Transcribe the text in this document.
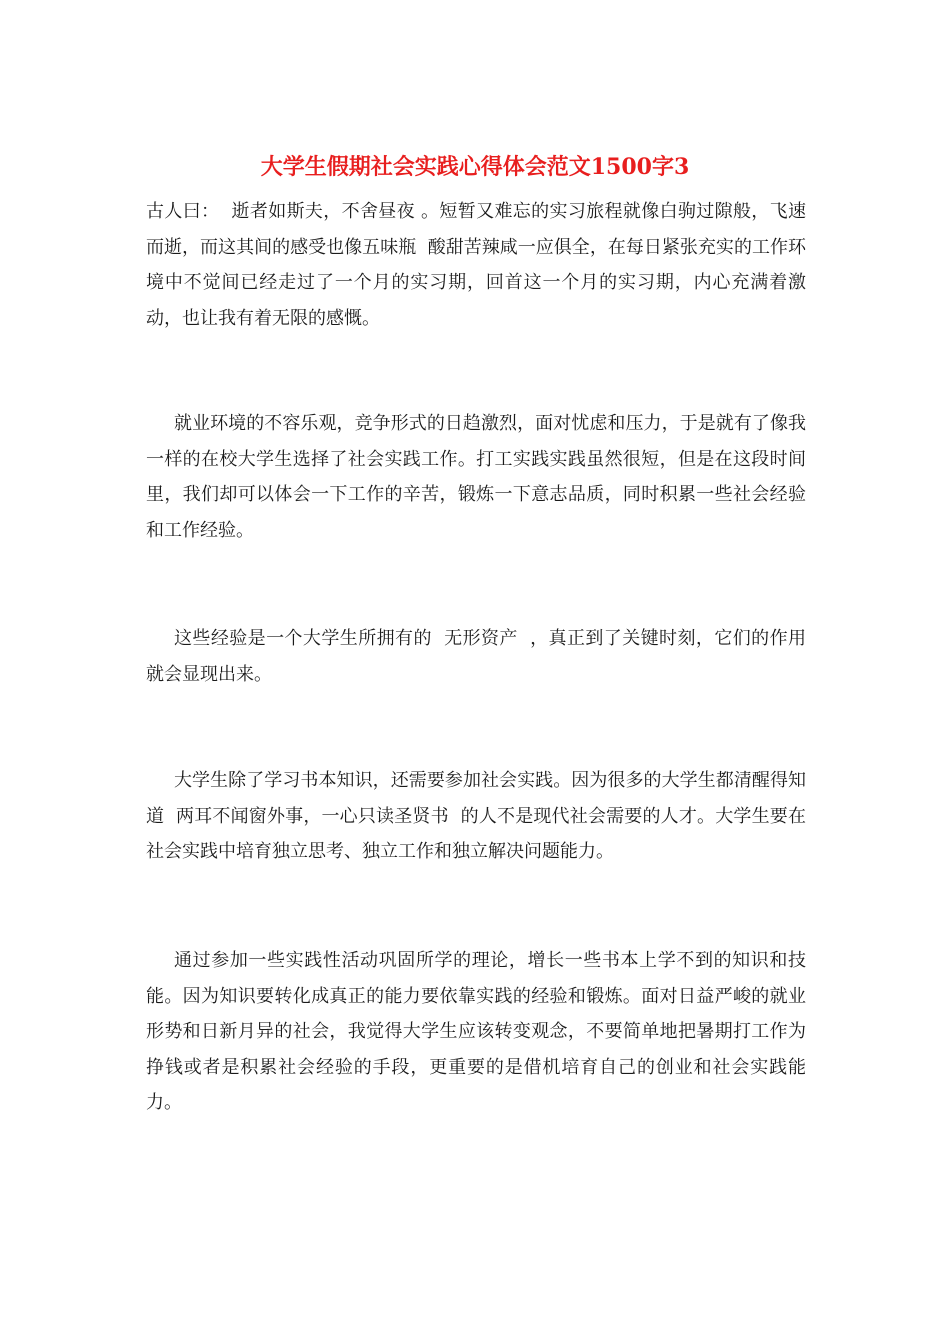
大学生假期社会实践心得体会范文1500字3

古人曰：  逝者如斯夫，不舍昼夜 。短暂又难忘的实习旅程就像白驹过隙般，飞速而逝，而这其间的感受也像五味瓶  酸甜苦辣咸一应俱全，在每日紧张充实的工作环境中不觉间已经走过了一个月的实习期，回首这一个月的实习期，内心充满着激动，也让我有着无限的感慨。

就业环境的不容乐观，竞争形式的日趋激烈，面对忧虑和压力，于是就有了像我一样的在校大学生选择了社会实践工作。打工实践实践虽然很短，但是在这段时间里，我们却可以体会一下工作的辛苦，锻炼一下意志品质，同时积累一些社会经验和工作经验。

这些经验是一个大学生所拥有的  无形资产  ，真正到了关键时刻，它们的作用就会显现出来。

大学生除了学习书本知识，还需要参加社会实践。因为很多的大学生都清醒得知道  两耳不闻窗外事，一心只读圣贤书  的人不是现代社会需要的人才。大学生要在社会实践中培育独立思考、独立工作和独立解决问题能力。

通过参加一些实践性活动巩固所学的理论，增长一些书本上学不到的知识和技能。因为知识要转化成真正的能力要依靠实践的经验和锻炼。面对日益严峻的就业形势和日新月异的社会，我觉得大学生应该转变观念，不要简单地把暑期打工作为挣钱或者是积累社会经验的手段，更重要的是借机培育自己的创业和社会实践能力。
